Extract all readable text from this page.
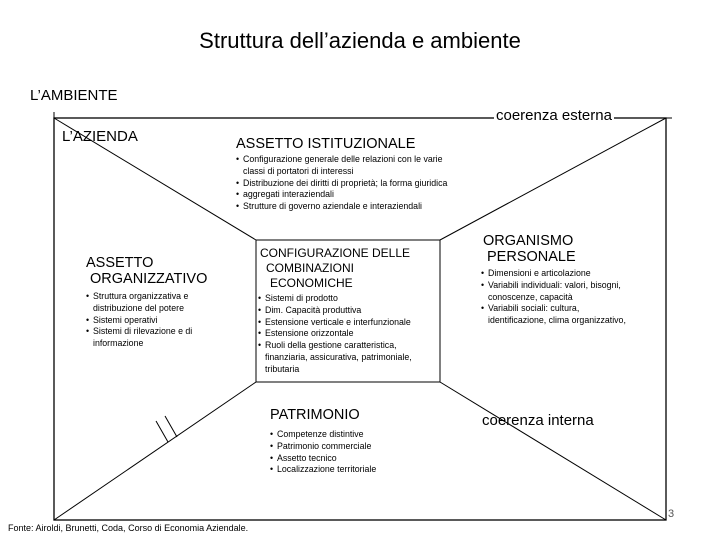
Struttura dell’azienda e ambiente
L’AMBIENTE
L’AZIENDA
coerenza esterna
ASSETTO ISTITUZIONALE
• Configurazione generale delle relazioni con le varie classi di portatori di interessi
• Distribuzione dei diritti di proprietà; la forma giuridica
• aggregati interaziendali
• Strutture di governo aziendale e interaziendali
ASSETTO
ORGANIZZATIVO
• Struttura organizzativa e distribuzione del potere
• Sistemi operativi
• Sistemi di rilevazione e di informazione
CONFIGURAZIONE DELLE
COMBINAZIONI
ECONOMICHE
• Sistemi di prodotto
• Dim. Capacità produttiva
• Estensione verticale e interfunzionale
• Estensione orizzontale
• Ruoli della gestione caratteristica, finanziaria, assicurativa, patrimoniale, tributaria
ORGANISMO
PERSONALE
• Dimensioni e articolazione
• Variabili individuali: valori, bisogni, conoscenze, capacità
• Variabili sociali: cultura, identificazione, clima organizzativo,
PATRIMONIO
• Competenze distintive
• Patrimonio commerciale
• Assetto tecnico
• Localizzazione territoriale
coerenza interna
Fonte: Airoldi, Brunetti, Coda, Corso di Economia Aziendale.
3
